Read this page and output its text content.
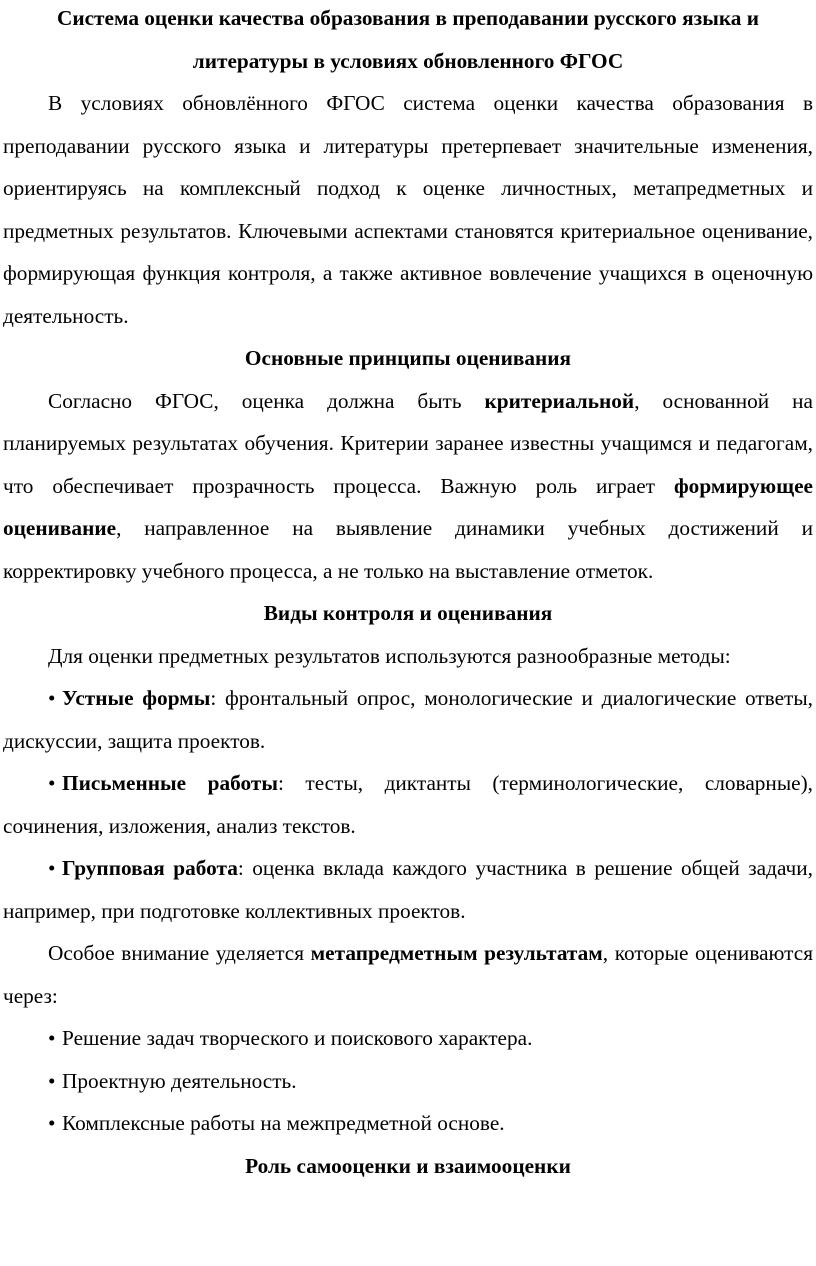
Система оценки качества образования в преподавании русского языка и литературы в условиях обновленного ФГОС

В условиях обновлённого ФГОС система оценки качества образования в преподавании русского языка и литературы претерпевает значительные изменения, ориентируясь на комплексный подход к оценке личностных, метапредметных и предметных результатов. Ключевыми аспектами становятся критериальное оценивание, формирующая функция контроля, а также активное вовлечение учащихся в оценочную деятельность.

Основные принципы оценивания

Согласно ФГОС, оценка должна быть критериальной, основанной на планируемых результатах обучения. Критерии заранее известны учащимся и педагогам, что обеспечивает прозрачность процесса. Важную роль играет формирующее оценивание, направленное на выявление динамики учебных достижений и корректировку учебного процесса, а не только на выставление отметок.

Виды контроля и оценивания

Для оценки предметных результатов используются разнообразные методы:

• Устные формы: фронтальный опрос, монологические и диалогические ответы, дискуссии, защита проектов.

• Письменные работы: тесты, диктанты (терминологические, словарные), сочинения, изложения, анализ текстов.

• Групповая работа: оценка вклада каждого участника в решение общей задачи, например, при подготовке коллективных проектов.

Особое внимание уделяется метапредметным результатам, которые оцениваются через:

• Решение задач творческого и поискового характера.

• Проектную деятельность.

• Комплексные работы на межпредметной основе.

Роль самооценки и взаимооценки
